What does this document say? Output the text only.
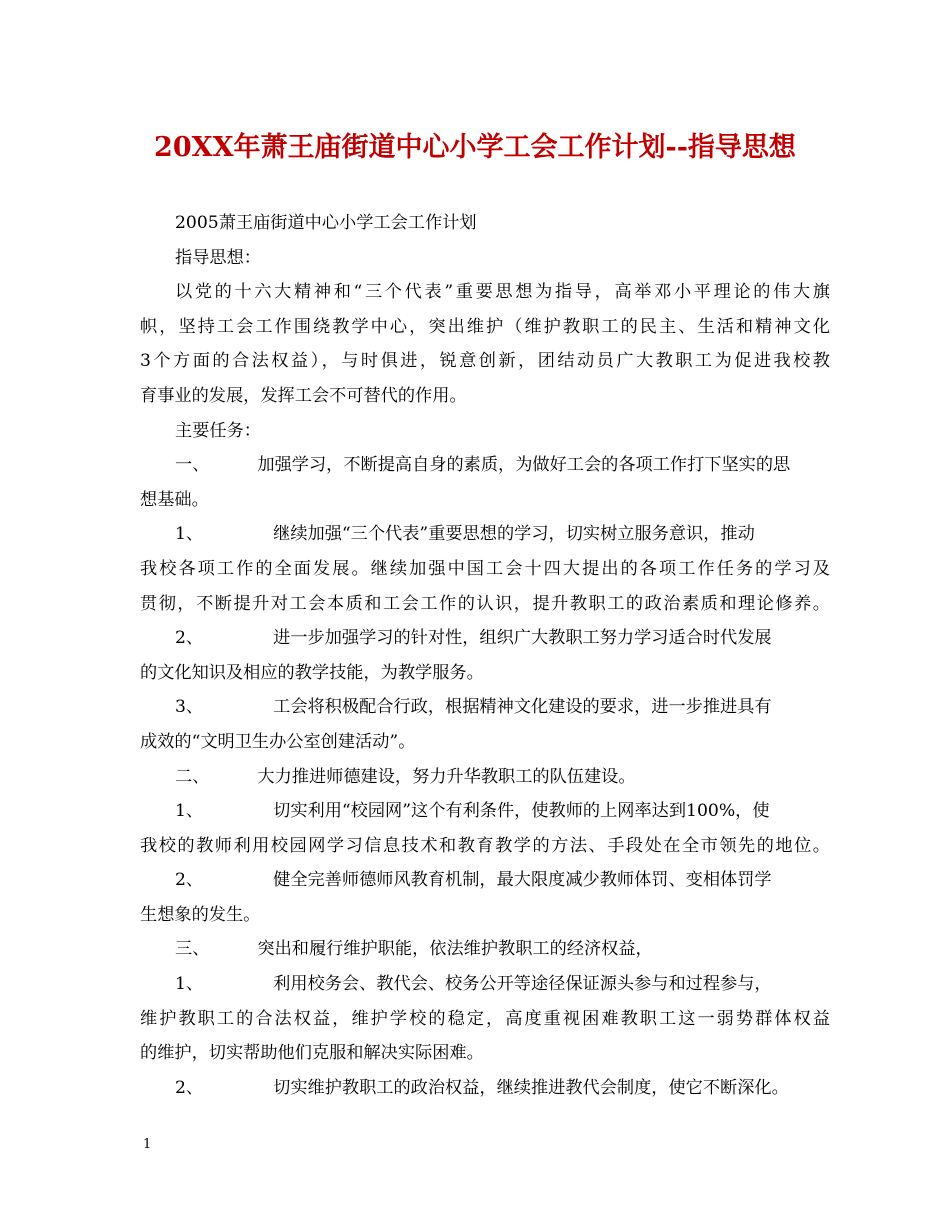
20XX年萧王庙街道中心小学工会工作计划--指导思想
2005萧王庙街道中心小学工会工作计划
指导思想：
以党的十六大精神和“三个代表”重要思想为指导，高举邓小平理论的伟大旗
帜，坚持工会工作围绕教学中心，突出维护（维护教职工的民主、生活和精神文化
3个方面的合法权益），与时俱进，锐意创新，团结动员广大教职工为促进我校教
育事业的发展，发挥工会不可替代的作用。
主要任务：
一、	加强学习，不断提高自身的素质，为做好工会的各项工作打下坚实的思
想基础。
1、	继续加强“三个代表”重要思想的学习，切实树立服务意识，推动
我校各项工作的全面发展。继续加强中国工会十四大提出的各项工作任务的学习及
贯彻，不断提升对工会本质和工会工作的认识，提升教职工的政治素质和理论修养。
2、	进一步加强学习的针对性，组织广大教职工努力学习适合时代发展
的文化知识及相应的教学技能，为教学服务。
3、	工会将积极配合行政，根据精神文化建设的要求，进一步推进具有
成效的“文明卫生办公室创建活动”。
二、	大力推进师德建设，努力升华教职工的队伍建设。
1、	切实利用“校园网”这个有利条件，使教师的上网率达到100%，使
我校的教师利用校园网学习信息技术和教育教学的方法、手段处在全市领先的地位。
2、	健全完善师德师风教育机制，最大限度减少教师体罚、变相体罚学
生想象的发生。
三、	突出和履行维护职能，依法维护教职工的经济权益，
1、	利用校务会、教代会、校务公开等途径保证源头参与和过程参与，
维护教职工的合法权益，维护学校的稳定，高度重视困难教职工这一弱势群体权益
的维护，切实帮助他们克服和解决实际困难。
2、	切实维护教职工的政治权益，继续推进教代会制度，使它不断深化。
1
